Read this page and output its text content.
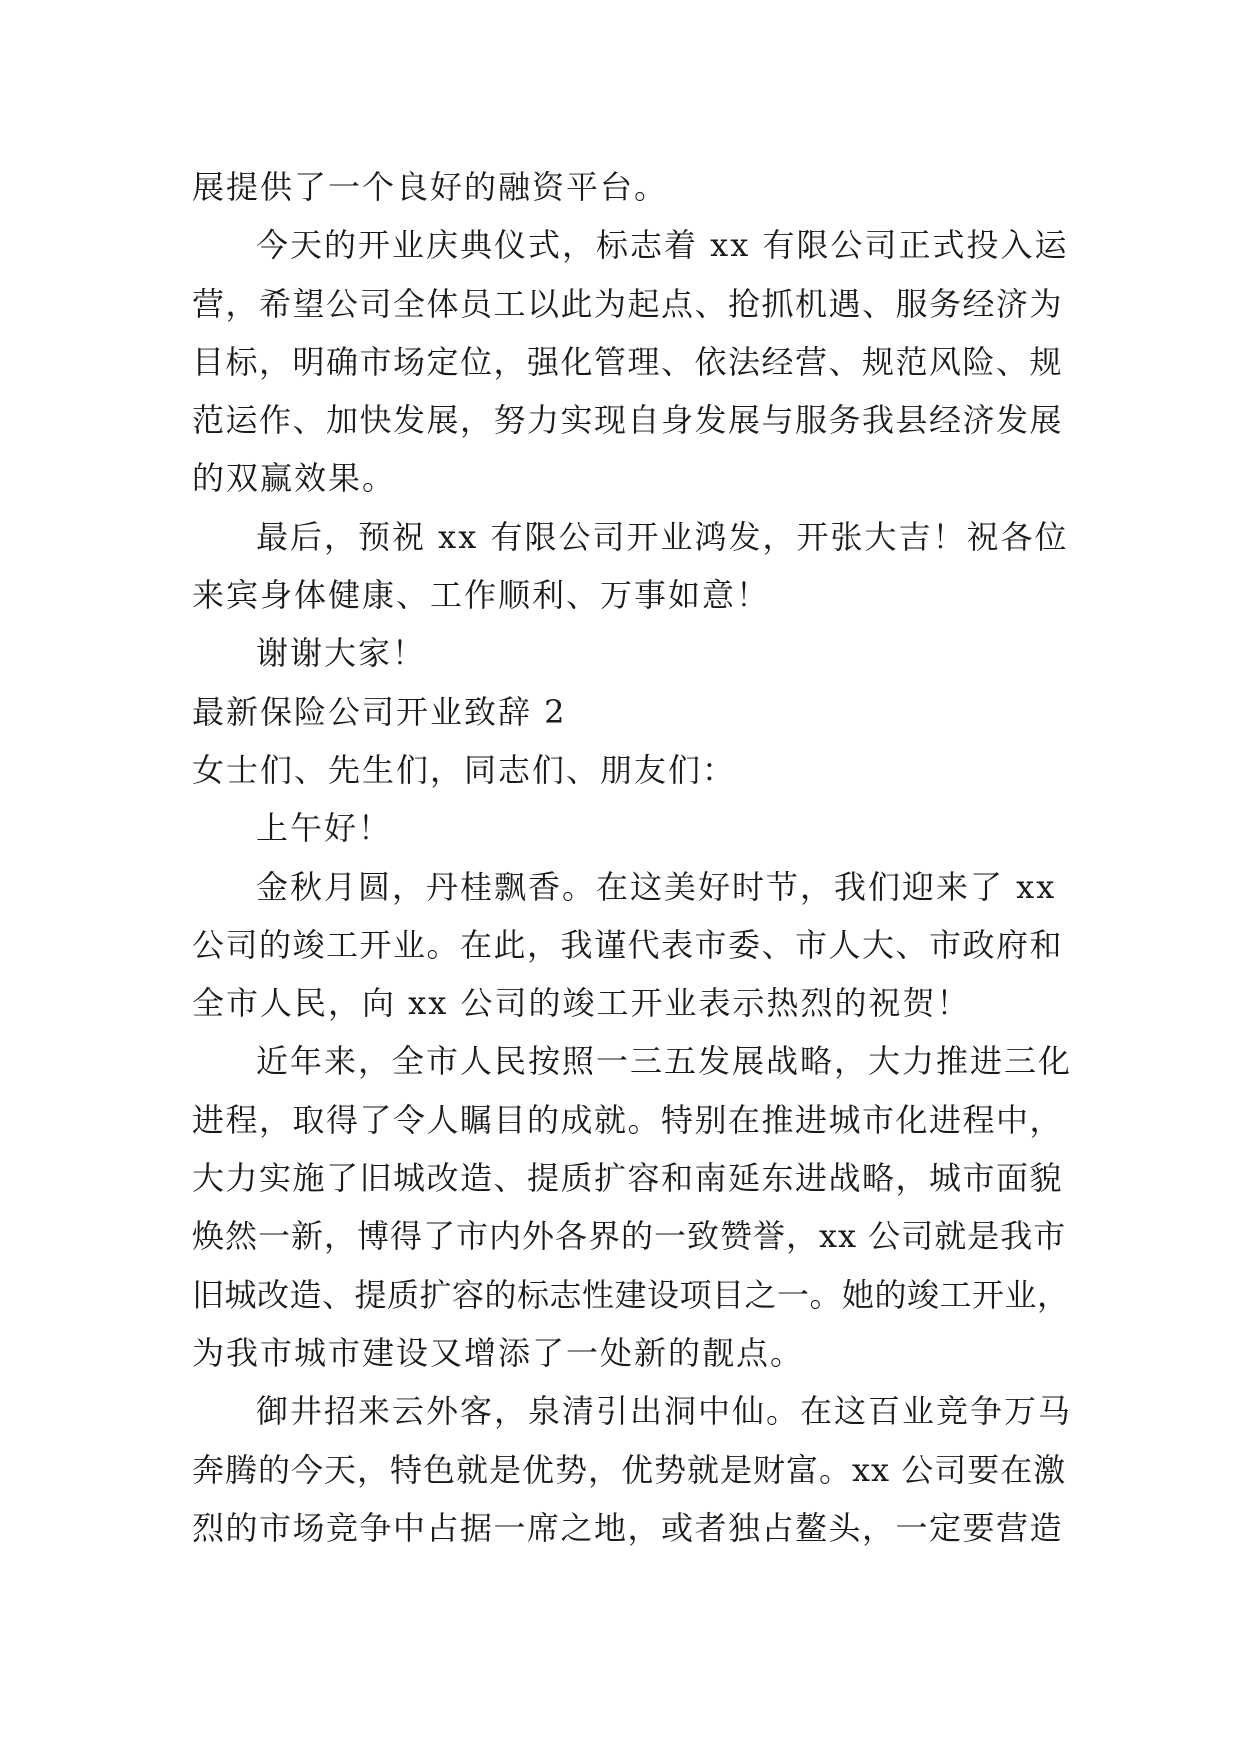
展提供了一个良好的融资平台。
今天的开业庆典仪式，标志着 xx 有限公司正式投入运
营，希望公司全体员工以此为起点、抢抓机遇、服务经济为
目标，明确市场定位，强化管理、依法经营、规范风险、规
范运作、加快发展，努力实现自身发展与服务我县经济发展
的双赢效果。
最后，预祝 xx 有限公司开业鸿发，开张大吉！祝各位
来宾身体健康、工作顺利、万事如意！
谢谢大家！
最新保险公司开业致辞 2
女士们、先生们，同志们、朋友们：
上午好！
金秋月圆，丹桂飘香。在这美好时节，我们迎来了 xx
公司的竣工开业。在此，我谨代表市委、市人大、市政府和
全市人民，向 xx 公司的竣工开业表示热烈的祝贺！
近年来，全市人民按照一三五发展战略，大力推进三化
进程，取得了令人瞩目的成就。特别在推进城市化进程中，
大力实施了旧城改造、提质扩容和南延东进战略，城市面貌
焕然一新，博得了市内外各界的一致赞誉，xx 公司就是我市
旧城改造、提质扩容的标志性建设项目之一。她的竣工开业，
为我市城市建设又增添了一处新的靓点。
御井招来云外客，泉清引出洞中仙。在这百业竞争万马
奔腾的今天，特色就是优势，优势就是财富。xx 公司要在激
烈的市场竞争中占据一席之地，或者独占鳌头，一定要营造
